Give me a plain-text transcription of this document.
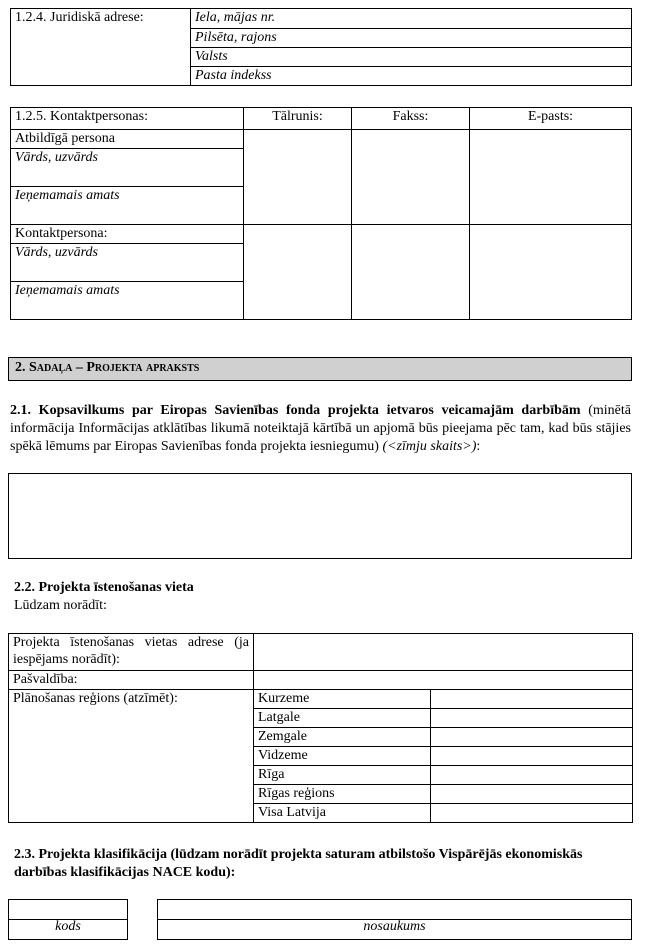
1.2.4. Juridiskā adrese:	Iela, mājas nr.
Pilsēta, rajons
Valsts
Pasta indekss
1.2.5. Kontaktpersonas:	Tālrunis:	Fakss:	E-pasts:
Atbildīgā persona			
Vārds, uzvārds			
Ieņemamais amats			
Kontaktpersona:			
Vārds, uzvārds			
Ieņemamais amats			
2. Sadaļa – Projekta apraksts
2.1. Kopsavilkums par Eiropas Savienības fonda projekta ietvaros veicamajām darbībām (minētā informācija Informācijas atklātības likumā noteiktajā kārtībā un apjomā būs pieejama pēc tam, kad būs stājies spēkā lēmums par Eiropas Savienības fonda projekta iesniegumu) (<zīmju skaits>):
2.2. Projekta īstenošanas vieta
Lūdzam norādīt:
Projekta īstenošanas vietas adrese (ja iespējams norādīt):		
Pašvaldība:		
Plānošanas reģions (atzīmēt):	Kurzeme	
	Latgale	
	Zemgale	
	Vidzeme	
	Rīga	
	Rīgas reģions	
	Visa Latvija	
2.3. Projekta klasifikācija (lūdzam norādīt projekta saturam atbilstošo Vispārējās ekonomiskās darbības klasifikācijas NACE kodu):
kods	nosaukums
